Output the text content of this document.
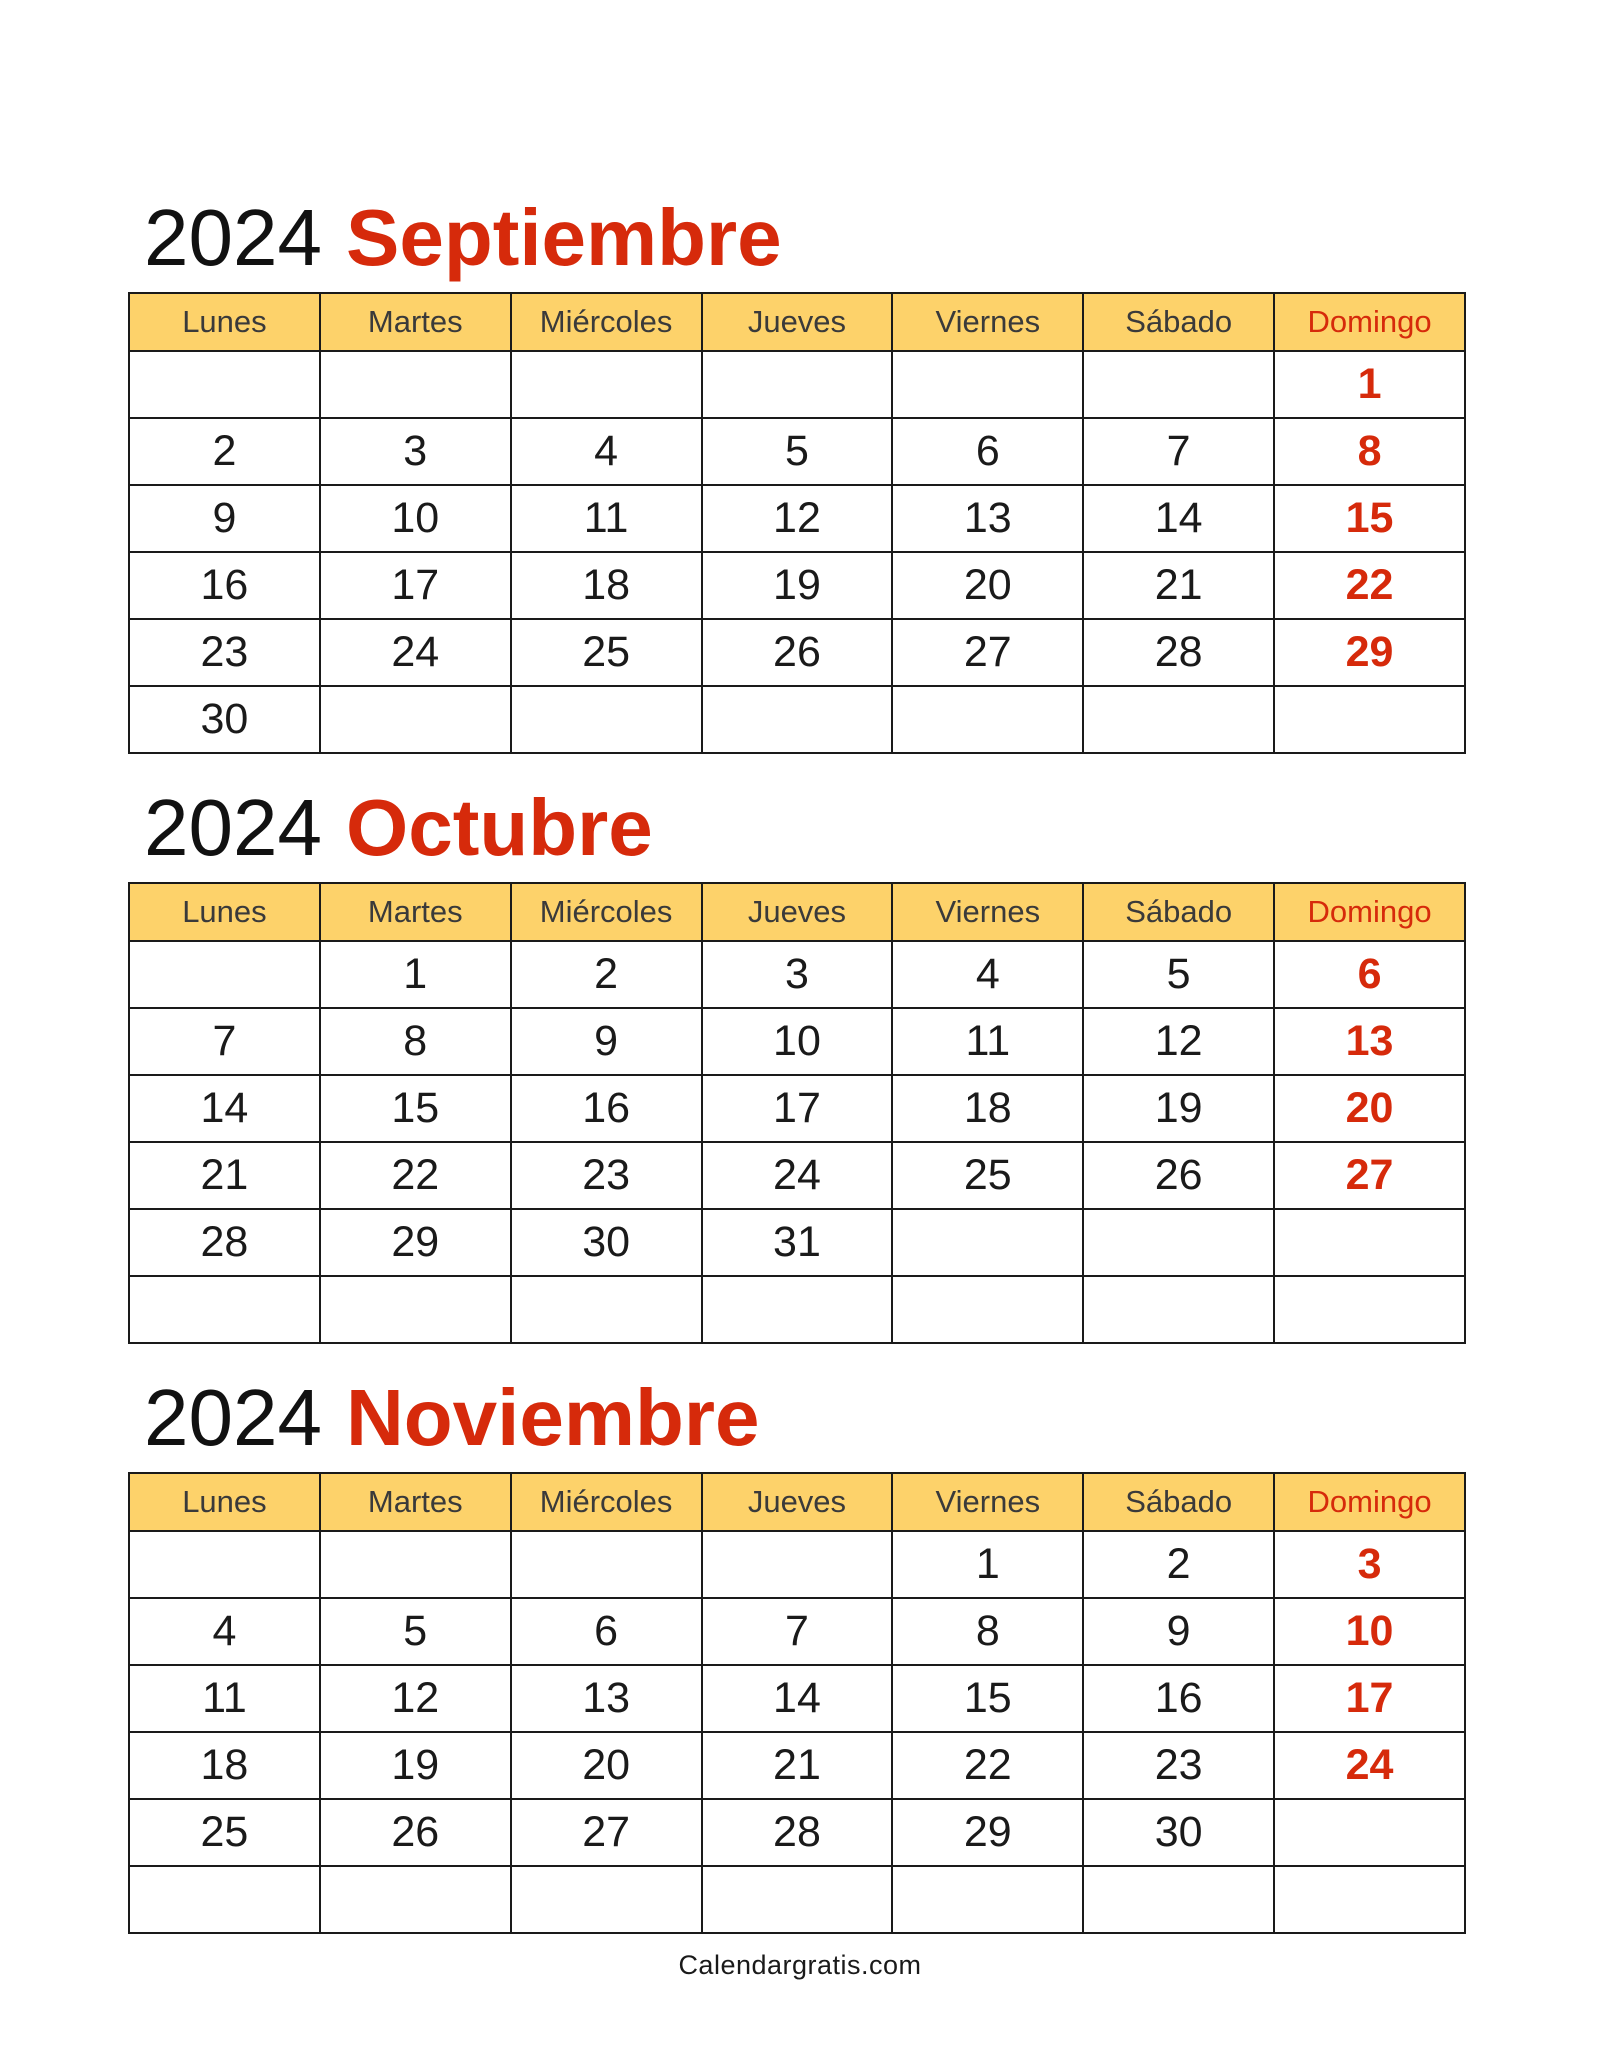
2024 Septiembre
Lunes	Martes	Miércoles	Jueves	Viernes	Sábado	Domingo
						1
2	3	4	5	6	7	8
9	10	11	12	13	14	15
16	17	18	19	20	21	22
23	24	25	26	27	28	29
30						
2024 Octubre
Lunes	Martes	Miércoles	Jueves	Viernes	Sábado	Domingo
	1	2	3	4	5	6
7	8	9	10	11	12	13
14	15	16	17	18	19	20
21	22	23	24	25	26	27
28	29	30	31			

2024 Noviembre
Lunes	Martes	Miércoles	Jueves	Viernes	Sábado	Domingo
				1	2	3
4	5	6	7	8	9	10
11	12	13	14	15	16	17
18	19	20	21	22	23	24
25	26	27	28	29	30	

Calendargratis.com
